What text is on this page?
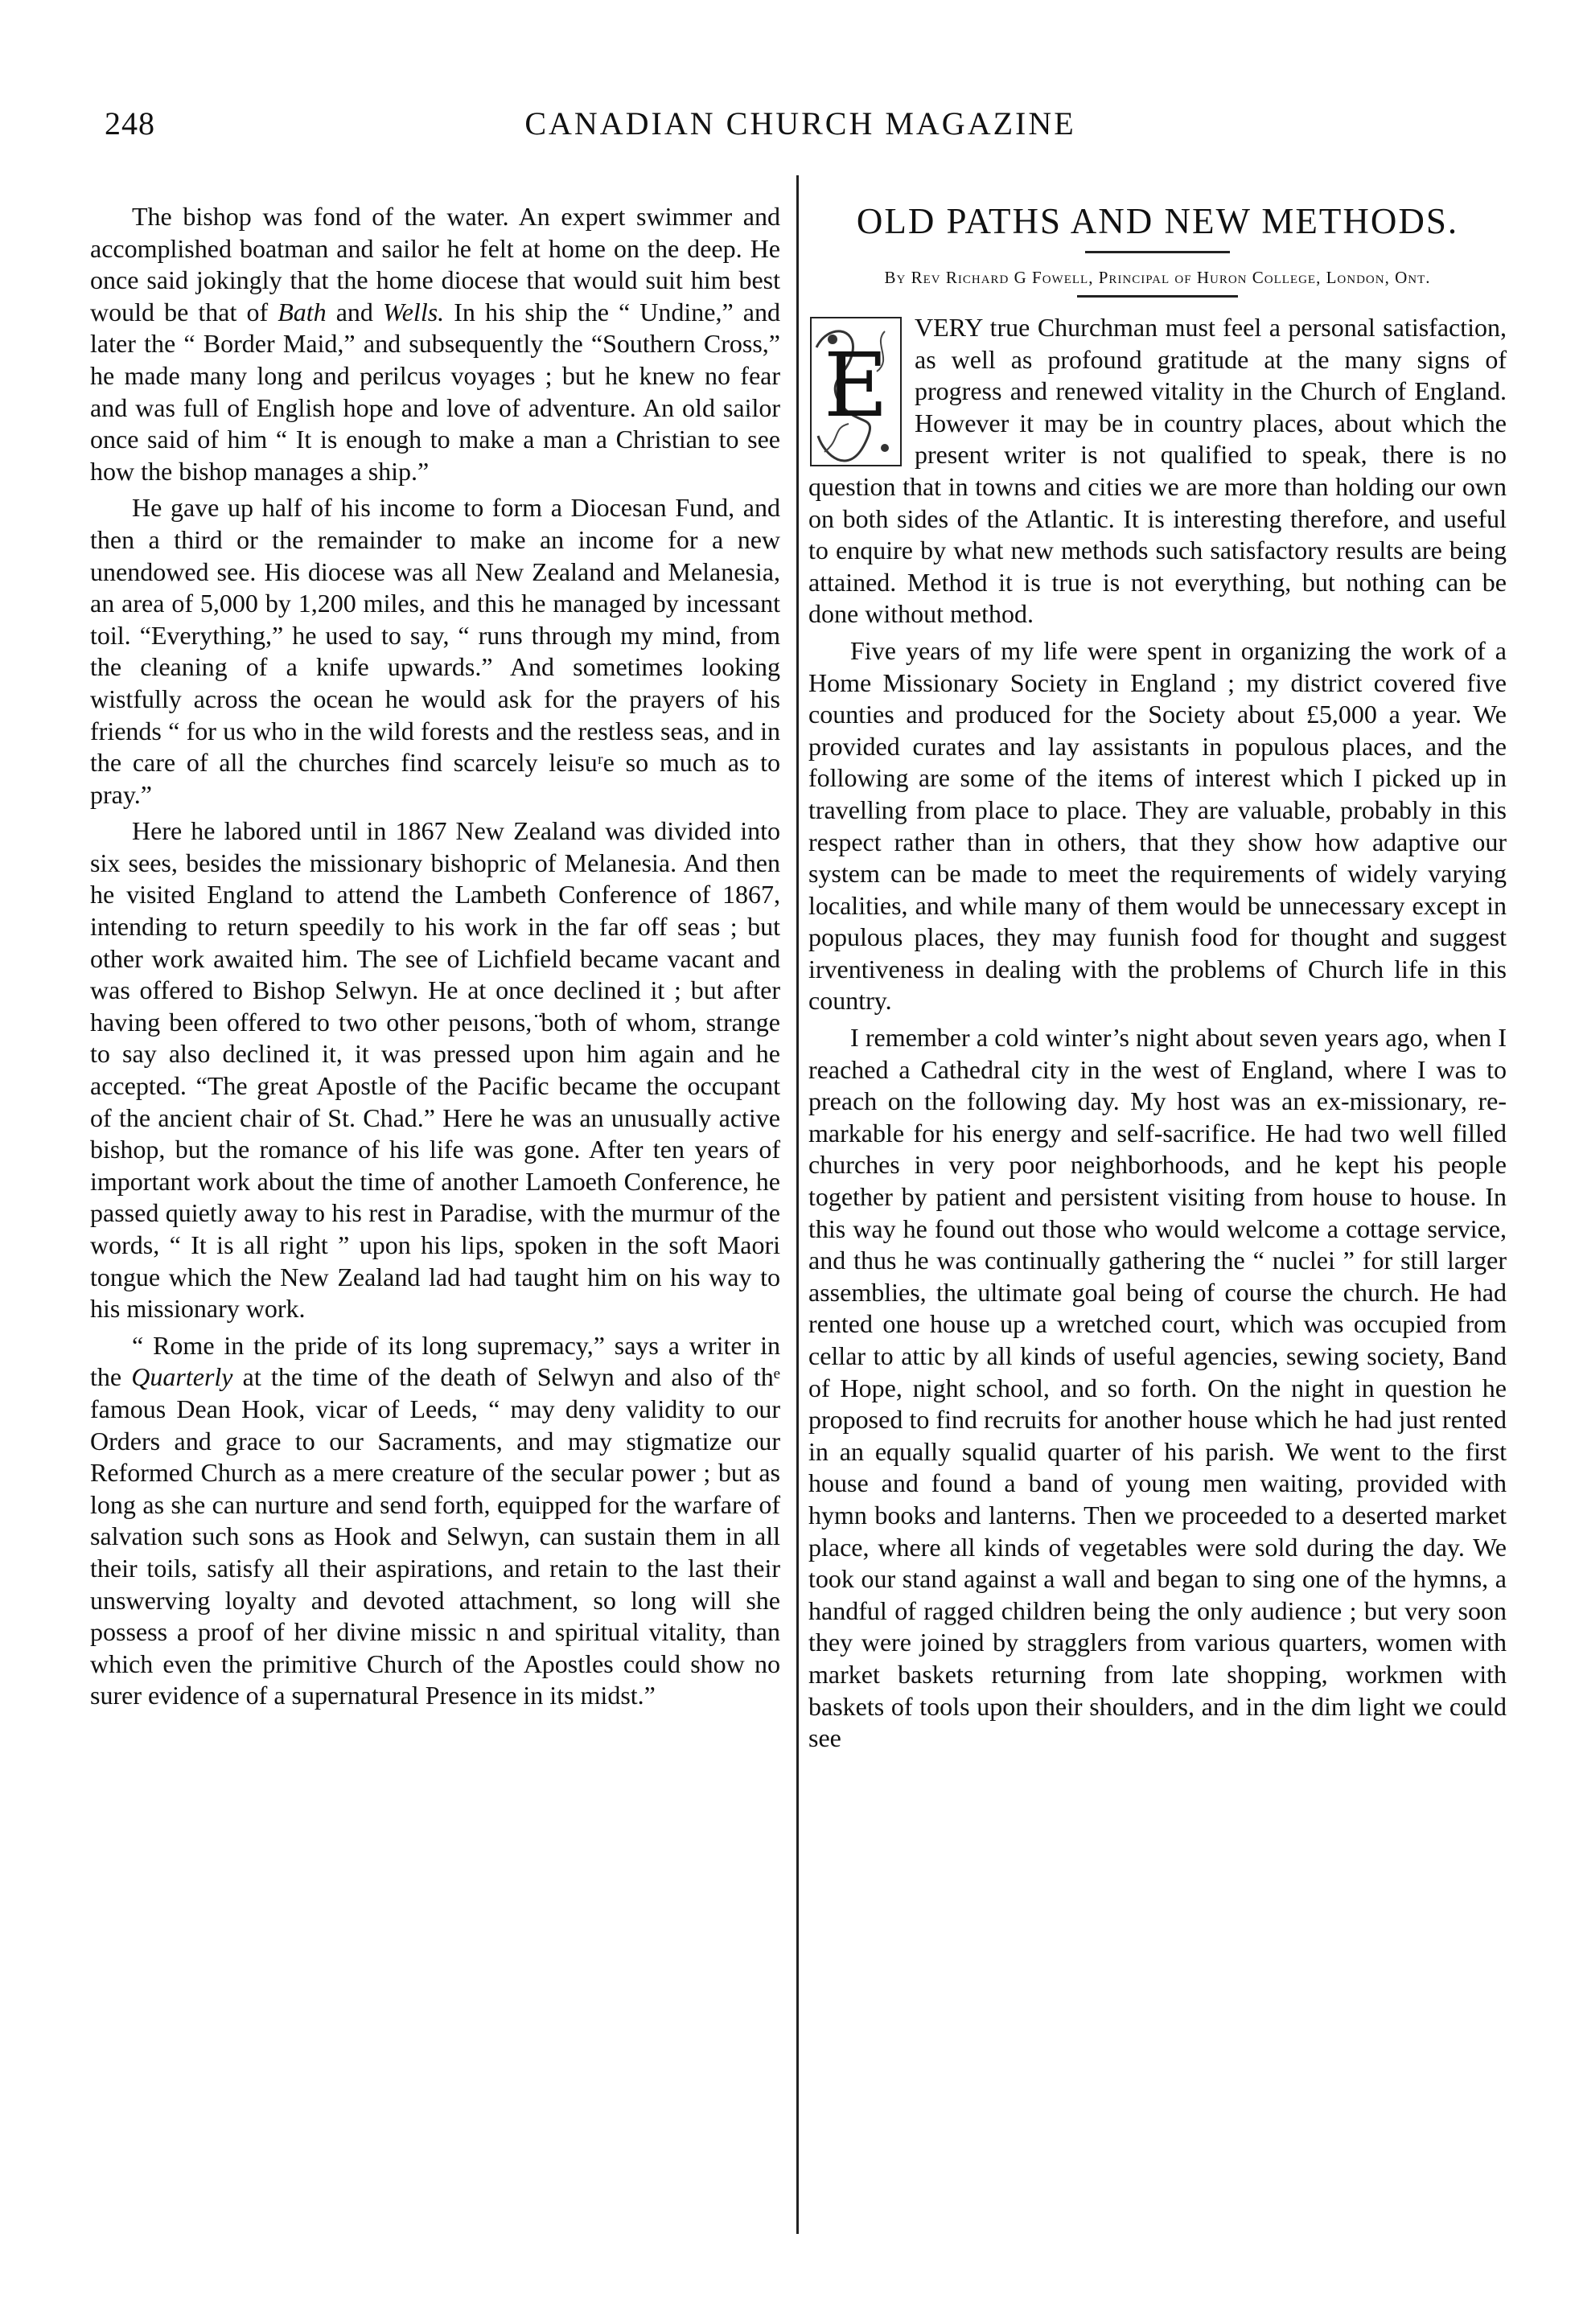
248	CANADIAN CHURCH MAGAZINE

The bishop was fond of the water. An expert swimmer and accomplished boatman and sailor he felt at home on the deep. He once said jokingly that the home diocese that would suit him best would be that of Bath and Wells. In his ship the “ Undine,” and later the “ Border Maid,” and subsequently the “Southern Cross,” he made many long and perilcus voyages ; but he knew no fear and was full of English hope and love of adventure. An old sailor once said of him “ It is enough to make a man a Christian to see how the bishop manages a ship.”

He gave up half of his income to form a Diocesan Fund, and then a third or the remainder to make an income for a new unendowed see. His diocese was all New Zealand and Melanesia, an area of 5,000 by 1,200 miles, and this he managed by incessant toil. “Everything,” he used to say, “ runs through my mind, from the cleaning of a knife upwards.” And sometimes looking wistfully across the ocean he would ask for the prayers of his friends “ for us who in the wild forests and the restless seas, and in the care of all the churches find scarcely leisuʳe so much as to pray.”

Here he labored until in 1867 New Zealand was divided into six sees, besides the missionary bishopric of Melanesia. And then he visited England to attend the Lambeth Conference of 1867, intending to return speedily to his work in the far off seas ; but other work awaited him. The see of Lichfield became vacant and was offered to Bishop Selwyn. He at once declined it ; but after having been offered to two other peısons, ̈both of whom, strange to say also declined it, it was pressed upon him again and he accepted. “The great Apostle of the Pacific became the occupant of the ancient chair of St. Chad.” Here he was an unusually active bishop, but the romance of his life was gone. After ten years of important work about the time of another Lamoeth Conference, he passed quietly away to his rest in Paradise, with the murmur of the words, “ It is all right ” upon his lips, spoken in the soft Maori tongue which the New Zealand lad had taught him on his way to his missionary work.

“ Rome in the pride of its long supremacy,” says a writer in the Quarterly at the time of the death of Selwyn and also of thᵉ famous Dean Hook, vicar of Leeds, “ may deny validity to our Orders and grace to our Sacraments, and may stigmatize our Reformed Church as a mere creature of the secular power ; but as long as she can nurture and send forth, equipped for the warfare of salvation such sons as Hook and Selwyn, can sustain them in all their toils, satisfy all their aspirations, and retain to the last their unswerving loyalty and devoted attachment, so long will she possess a proof of her divine missic n and spiritual vitality, than which even the primitive Church of the Apostles could show no surer evidence of a supernatural Presence in its midst.”

OLD PATHS AND NEW METHODS.
By Rev Richard G Fowell, Principal of Huron College, London, Ont.

E
VERY true Churchman must feel a personal satisfaction, as well as profound gratitude at the many signs of progress and renewed vitality in the Church of England. However it may be in country places, about which the present writer is not qualified to speak, there is no question that in towns and cities we are more than holding our own on both sides of the Atlantic. It is interesting therefore, and useful to enquire by what new methods such satisfactory results are being attained. Method it is true is not everything, but nothing can be done without method.

Five years of my life were spent in organizing the work of a Home Missionary Society in England ; my district covered five counties and produced for the Society about £5,000 a year. We provided curates and lay assistants in populous places, and the following are some of the items of interest which I picked up in travelling from place to place. They are valuable, probably in this respect rather than in others, that they show how adaptive our system can be made to meet the requirements of widely varying localities, and while many of them would be unnecessary except in populous places, they may fuınish food for thought and suggest irventiveness in dealing with the problems of Church life in this country.

I remember a cold winter’s night about seven years ago, when I reached a Cathedral city in the west of England, where I was to preach on the following day. My host was an ex-missionary, remarkable for his energy and self-sacrifice. He had two well filled churches in very poor neighborhoods, and he kept his people together by patient and persistent visiting from house to house. In this way he found out those who would welcome a cottage service, and thus he was continually gathering the “ nuclei ” for still larger assemblies, the ultimate goal being of course the church. He had rented one house up a wretched court, which was occupied from cellar to attic by all kinds of useful agencies, sewing society, Band of Hope, night school, and so forth. On the night in question he proposed to find recruits for another house which he had just rented in an equally squalid quarter of his parish. We went to the first house and found a band of young men waiting, provided with hymn books and lanterns. Then we proceeded to a deserted market place, where all kinds of vegetables were sold during the day. We took our stand against a wall and began to sing one of the hymns, a handful of ragged children being the only audience ; but very soon they were joined by stragglers from various quarters, women with market baskets returning from late shopping, workmen with baskets of tools upon their shoulders, and in the dim light we could see
